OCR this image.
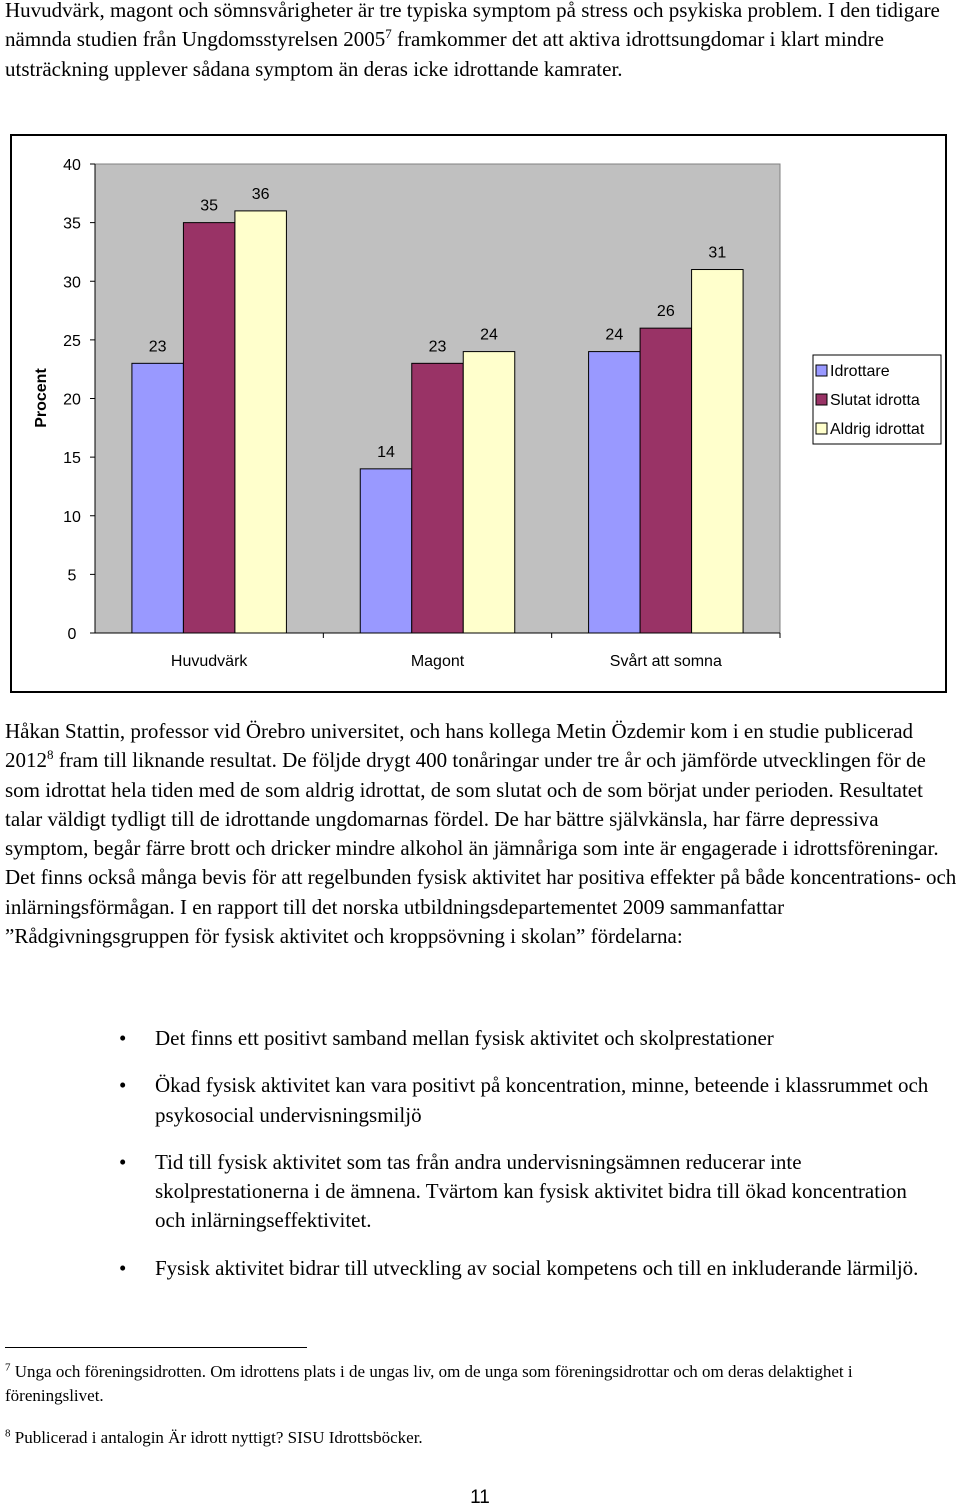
Huvudvärk, magont och sömnsvårigheter är tre typiska symptom på stress och psykiska problem. I den tidigare nämnda studien från Ungdomsstyrelsen 2005$^7$ framkommer det att aktiva idrottsungdomar i klart mindre utsträckning upplever sådana symptom än deras icke idrottande kamrater.

0
5
10
15
20
25
30
35
40
Procent
23
35
36
Huvudvärk
14
23
24
Magont
24
26
31
Svårt att somna
Idrottare
Slutat idrotta
Aldrig idrottat

Håkan Stattin, professor vid Örebro universitet, och hans kollega Metin Özdemir kom i en studie publicerad 2012$^8$ fram till liknande resultat. De följde drygt 400 tonåringar under tre år och jämförde utvecklingen för de som idrottat hela tiden med de som aldrig idrottat, de som slutat och de som börjat under perioden. Resultatet talar väldigt tydligt till de idrottande ungdomarnas fördel. De har bättre självkänsla, har färre depressiva symptom, begår färre brott och dricker mindre alkohol än jämnåriga som inte är engagerade i idrottsföreningar. Det finns också många bevis för att regelbunden fysisk aktivitet har positiva effekter på både koncentrations- och inlärningsförmågan. I en rapport till det norska utbildningsdepartementet 2009 sammanfattar ”Rådgivningsgruppen för fysisk aktivitet och kroppsövning i skolan” fördelarna:

• Det finns ett positivt samband mellan fysisk aktivitet och skolprestationer
• Ökad fysisk aktivitet kan vara positivt på koncentration, minne, beteende i klassrummet och psykosocial undervisningsmiljö
• Tid till fysisk aktivitet som tas från andra undervisningsämnen reducerar inte skolprestationerna i de ämnena. Tvärtom kan fysisk aktivitet bidra till ökad koncentration och inlärningseffektivitet.
• Fysisk aktivitet bidrar till utveckling av social kompetens och till en inkluderande lärmiljö.

$^7$ Unga och föreningsidrotten. Om idrottens plats i de ungas liv, om de unga som föreningsidrottar och om deras delaktighet i föreningslivet.

$^8$ Publicerad i antalogin Är idrott nyttigt? SISU Idrottsböcker.

11
